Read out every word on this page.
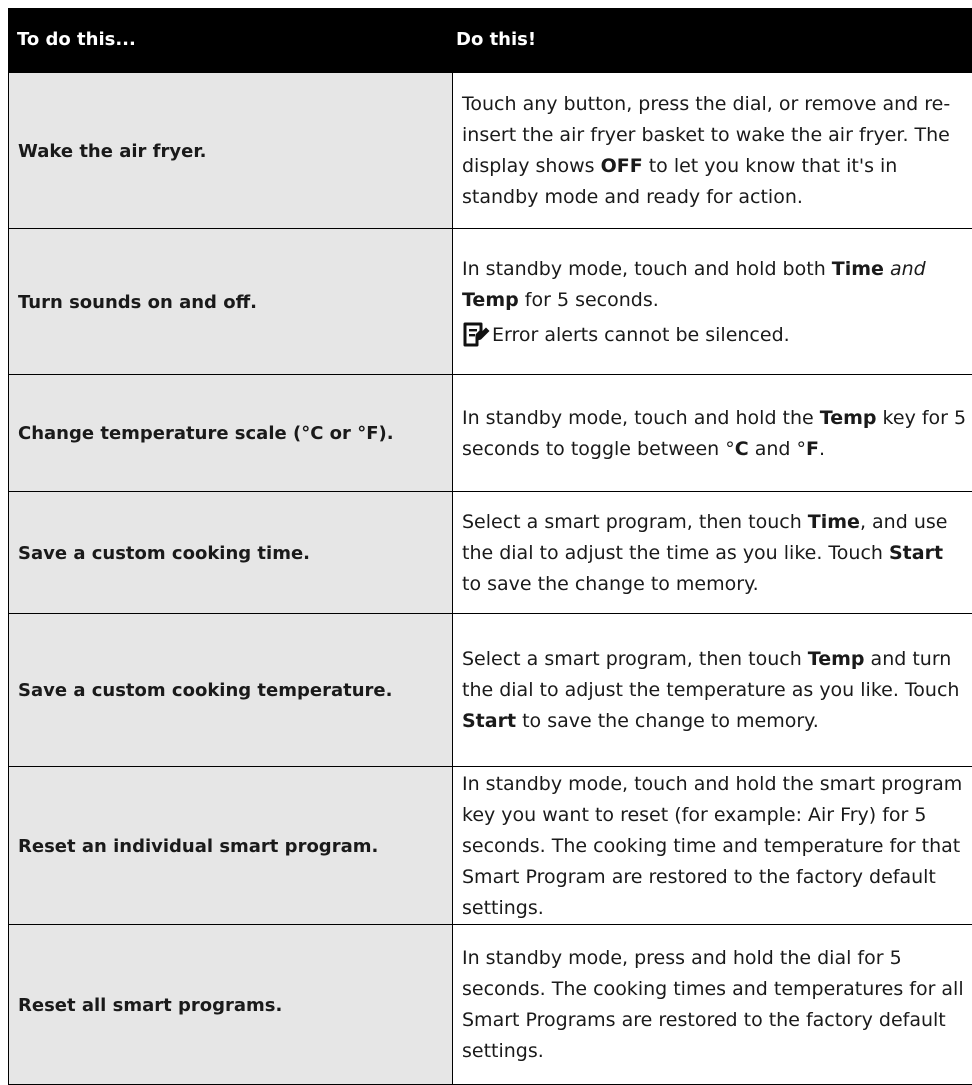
To do this...	Do this!
Wake the air fryer.
Touch any button, press the dial, or remove and re-insert the air fryer basket to wake the air fryer. The display shows OFF to let you know that it's in standby mode and ready for action.
Turn sounds on and off.
In standby mode, touch and hold both Time and Temp for 5 seconds.
Error alerts cannot be silenced.
Change temperature scale (°C or °F).
In standby mode, touch and hold the Temp key for 5 seconds to toggle between °C and °F.
Save a custom cooking time.
Select a smart program, then touch Time, and use the dial to adjust the time as you like. Touch Start to save the change to memory.
Save a custom cooking temperature.
Select a smart program, then touch Temp and turn the dial to adjust the temperature as you like. Touch Start to save the change to memory.
Reset an individual smart program.
In standby mode, touch and hold the smart program key you want to reset (for example: Air Fry) for 5 seconds. The cooking time and temperature for that Smart Program are restored to the factory default settings.
Reset all smart programs.
In standby mode, press and hold the dial for 5 seconds. The cooking times and temperatures for all Smart Programs are restored to the factory default settings.
